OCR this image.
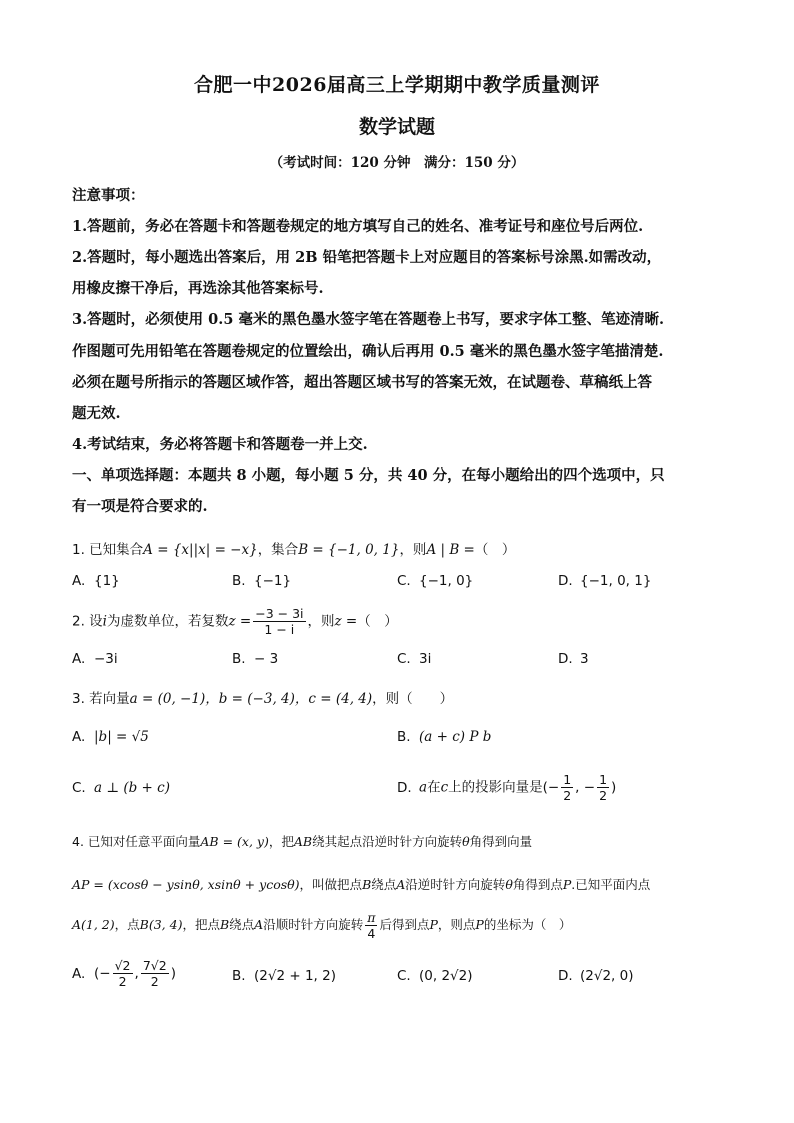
合肥一中2026届高三上学期期中教学质量测评
数学试题
（考试时间：120 分钟　满分：150 分）
注意事项：
1.答题前，务必在答题卡和答题卷规定的地方填写自己的姓名、准考证号和座位号后两位.
2.答题时，每小题选出答案后，用 2B 铅笔把答题卡上对应题目的答案标号涂黑.如需改动，
用橡皮擦干净后，再选涂其他答案标号.
3.答题时，必须使用 0.5 毫米的黑色墨水签字笔在答题卷上书写，要求字体工整、笔迹清晰.
作图题可先用铅笔在答题卷规定的位置绘出，确认后再用 0.5 毫米的黑色墨水签字笔描清楚.
必须在题号所指示的答题区域作答，超出答题区域书写的答案无效，在试题卷、草稿纸上答
题无效.
4.考试结束，务必将答题卡和答题卷一并上交.
一、单项选择题：本题共 8 小题，每小题 5 分，共 40 分，在每小题给出的四个选项中，只
有一项是符合要求的.
1. 已知集合A = {x||x| = −x}，集合B = {−1, 0, 1}，则A | B =（　）
A. {1}	B. {−1}	C. {−1, 0}	D. {−1, 0, 1}
2. 设i为虚数单位，若复数$z = \frac{-3 - 3i}{1 - i}$ ，则z =（　）
A. −3i	B. − 3	C. 3i	D. 3
3. 若向量a = (0, −1)，b = (−3, 4)，c = (4, 4)，则（　　）
A. |b| = √5	B. (a + c) P b
C. a ⊥ (b + c)	D. a在c上的投影向量是(− $\frac{1}{2}$ , − $\frac{1}{2}$ )
4. 已知对任意平面向量AB = (x, y)，把AB绕其起点沿逆时针方向旋转θ角得到向量
AP = (xcosθ − ysinθ, xsinθ + ycosθ)，叫做把点B绕点A沿逆时针方向旋转θ角得到点P.已知平面内点
A(1, 2)，点B(3, 4)，把点B绕点A沿顺时针方向旋转 $\frac{\pi}{4}$ 后得到点P，则点P的坐标为（　）
A. (− $\frac{√2}{2}$ , $\frac{7√2}{2}$ )	B. (2√2 + 1, 2)	C. (0, 2√2)	D. (2√2, 0)
